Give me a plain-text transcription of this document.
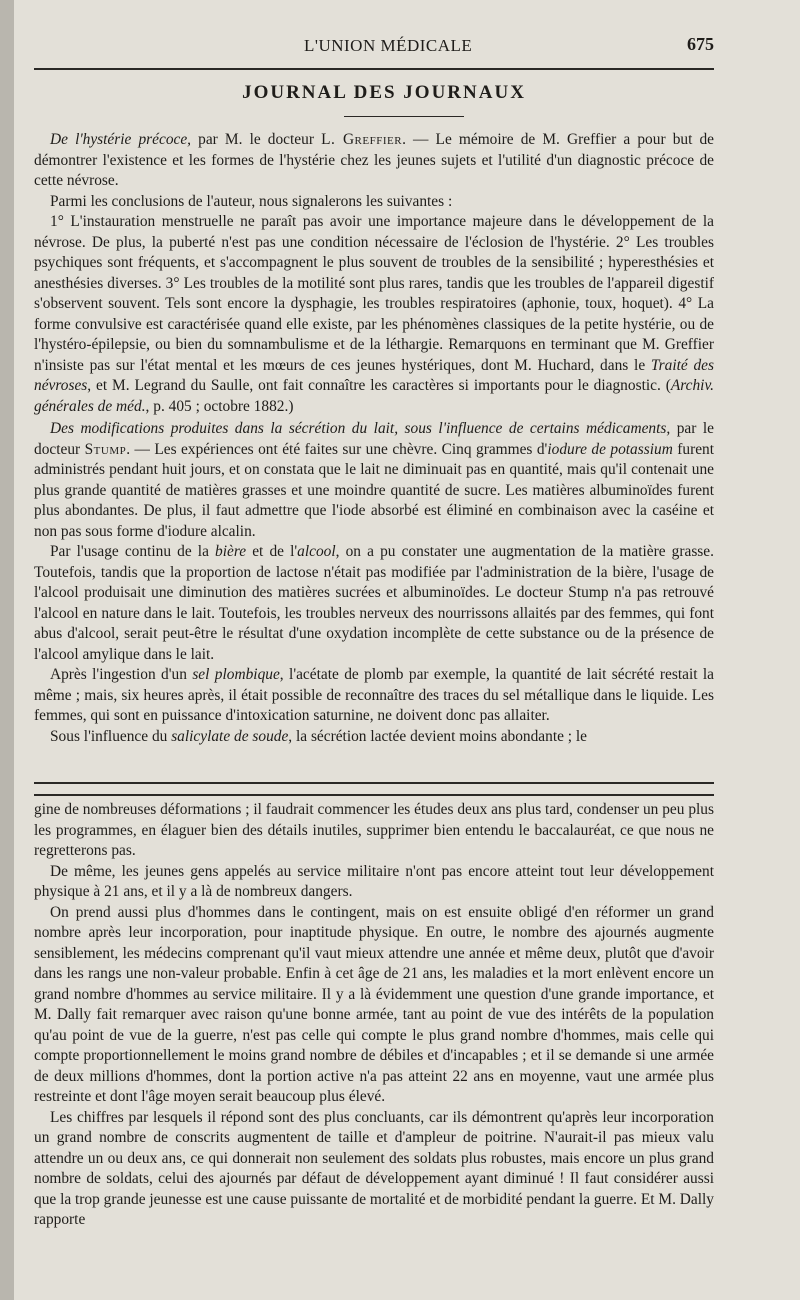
L'UNION MÉDICALE	675
JOURNAL DES JOURNAUX

De l'hystérie précoce, par M. le docteur L. Greffier. — Le mémoire de M. Greffier a pour but de démontrer l'existence et les formes de l'hystérie chez les jeunes sujets et l'utilité d'un diagnostic précoce de cette névrose.

Parmi les conclusions de l'auteur, nous signalerons les suivantes :

1° L'instauration menstruelle ne paraît pas avoir une importance majeure dans le développement de la névrose. De plus, la puberté n'est pas une condition nécessaire de l'éclosion de l'hystérie. 2° Les troubles psychiques sont fréquents, et s'accompagnent le plus souvent de troubles de la sensibilité ; hyperesthésies et anesthésies diverses. 3° Les troubles de la motilité sont plus rares, tandis que les troubles de l'appareil digestif s'observent souvent. Tels sont encore la dysphagie, les troubles respiratoires (aphonie, toux, hoquet). 4° La forme convulsive est caractérisée quand elle existe, par les phénomènes classiques de la petite hystérie, ou de l'hystéro-épilepsie, ou bien du somnambulisme et de la léthargie. Remarquons en terminant que M. Greffier n'insiste pas sur l'état mental et les mœurs de ces jeunes hystériques, dont M. Huchard, dans le Traité des névroses, et M. Legrand du Saulle, ont fait connaître les caractères si importants pour le diagnostic. (Archiv. générales de méd., p. 405 ; octobre 1882.)

Des modifications produites dans la sécrétion du lait, sous l'influence de certains médicaments, par le docteur Stump. — Les expériences ont été faites sur une chèvre. Cinq grammes d'iodure de potassium furent administrés pendant huit jours, et on constata que le lait ne diminuait pas en quantité, mais qu'il contenait une plus grande quantité de matières grasses et une moindre quantité de sucre. Les matières albuminoïdes furent plus abondantes. De plus, il faut admettre que l'iode absorbé est éliminé en combinaison avec la caséine et non pas sous forme d'iodure alcalin.

Par l'usage continu de la bière et de l'alcool, on a pu constater une augmentation de la matière grasse. Toutefois, tandis que la proportion de lactose n'était pas modifiée par l'administration de la bière, l'usage de l'alcool produisait une diminution des matières sucrées et albuminoïdes. Le docteur Stump n'a pas retrouvé l'alcool en nature dans le lait. Toutefois, les troubles nerveux des nourrissons allaités par des femmes, qui font abus d'alcool, serait peut-être le résultat d'une oxydation incomplète de cette substance ou de la présence de l'alcool amylique dans le lait.

Après l'ingestion d'un sel plombique, l'acétate de plomb par exemple, la quantité de lait sécrété restait la même ; mais, six heures après, il était possible de reconnaître des traces du sel métallique dans le liquide. Les femmes, qui sont en puissance d'intoxication saturnine, ne doivent donc pas allaiter.

Sous l'influence du salicylate de soude, la sécrétion lactée devient moins abondante ; le

gine de nombreuses déformations ; il faudrait commencer les études deux ans plus tard, condenser un peu plus les programmes, en élaguer bien des détails inutiles, supprimer bien entendu le baccalauréat, ce que nous ne regretterons pas.

De même, les jeunes gens appelés au service militaire n'ont pas encore atteint tout leur développement physique à 21 ans, et il y a là de nombreux dangers.

On prend aussi plus d'hommes dans le contingent, mais on est ensuite obligé d'en réformer un grand nombre après leur incorporation, pour inaptitude physique. En outre, le nombre des ajournés augmente sensiblement, les médecins comprenant qu'il vaut mieux attendre une année et même deux, plutôt que d'avoir dans les rangs une non-valeur probable. Enfin à cet âge de 21 ans, les maladies et la mort enlèvent encore un grand nombre d'hommes au service militaire. Il y a là évidemment une question d'une grande importance, et M. Dally fait remarquer avec raison qu'une bonne armée, tant au point de vue des intérêts de la population qu'au point de vue de la guerre, n'est pas celle qui compte le plus grand nombre d'hommes, mais celle qui compte proportionnellement le moins grand nombre de débiles et d'incapables ; et il se demande si une armée de deux millions d'hommes, dont la portion active n'a pas atteint 22 ans en moyenne, vaut une armée plus restreinte et dont l'âge moyen serait beaucoup plus élevé.

Les chiffres par lesquels il répond sont des plus concluants, car ils démontrent qu'après leur incorporation un grand nombre de conscrits augmentent de taille et d'ampleur de poitrine. N'aurait-il pas mieux valu attendre un ou deux ans, ce qui donnerait non seulement des soldats plus robustes, mais encore un plus grand nombre de soldats, celui des ajournés par défaut de développement ayant diminué ! Il faut considérer aussi que la trop grande jeunesse est une cause puissante de mortalité et de morbidité pendant la guerre. Et M. Dally rapporte
